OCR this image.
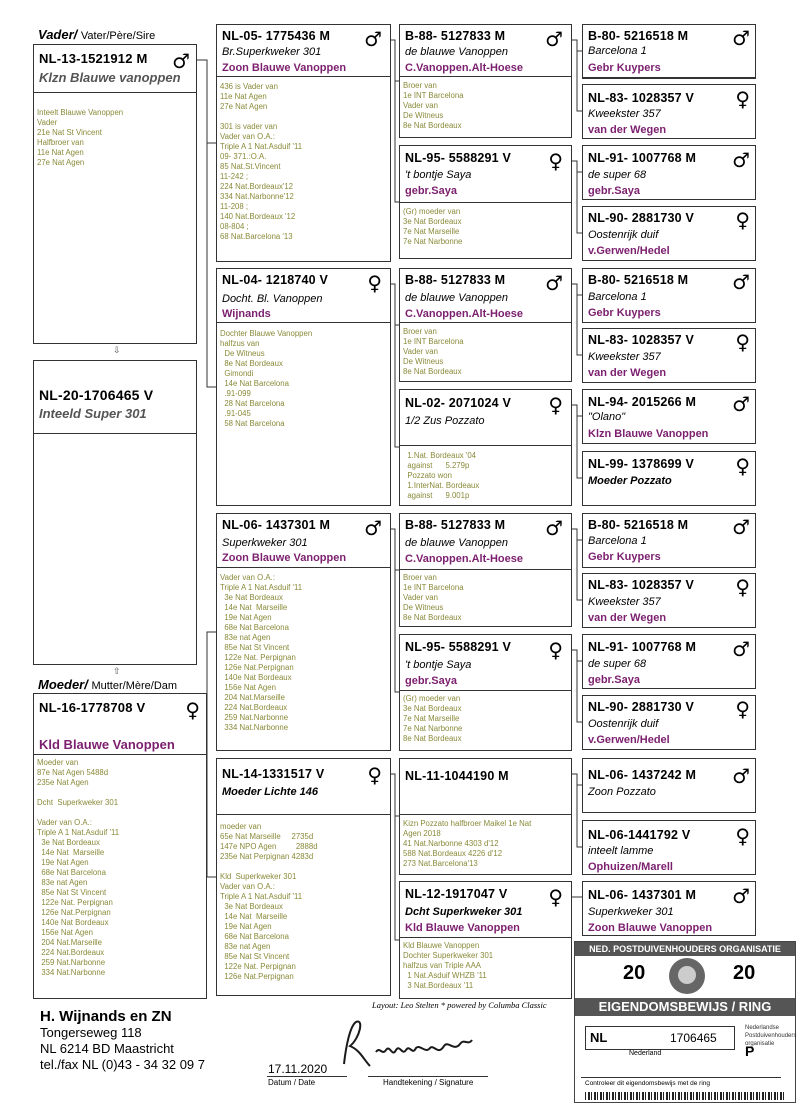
Vader/ Vater/Père/Sire
NL-13-1521912 M
Klzn Blauwe vanoppen
♂
Inteelt Blauwe Vanoppen
Vader
21e Nat St Vincent
Halfbroer van
11e Nat Agen
27e Nat Agen
⇩
NL-20-1706465 V
Inteeld Super 301
⇧
Moeder/ Mutter/Mère/Dam
NL-16-1778708 V ♀
Kld Blauwe Vanoppen
Moeder van
87e Nat Agen 5488d
235e Nat Agen

Dcht  Superkweker 301

Vader van O.A.:
Triple A 1 Nat.Asduif '11
3e Nat Bordeaux
14e Nat  Marseille
19e Nat Agen
68e Nat Barcelona
83e nat Agen
85e Nat St Vincent
122e Nat. Perpignan
126e Nat.Perpignan
140e Nat Bordeaux
156e Nat Agen
204 Nat.Marseille
224 Nat.Bordeaux
259 Nat.Narbonne
334 Nat.Narbonne
NL-05- 1775436 M ♂
Br.Superkweker 301
Zoon Blauwe Vanoppen
436 is Vader van
11e Nat Agen
27e Nat Agen

301 is vader van
Vader van O.A.:
Triple A 1 Nat.Asduif '11
09- 371.:O.A.
85 Nat.St.Vincent
11-242 ;
224 Nat.Bordeaux'12
334 Nat.Narbonne'12
11-208 ;
140 Nat.Bordeaux '12
08-804 ;
68 Nat.Barcelona '13
NL-04- 1218740 V ♀
Docht. Bl. Vanoppen
Wijnands
Dochter Blauwe Vanoppen
halfzus van
De Witneus
8e Nat Bordeaux
Gimondi
14e Nat Barcelona
.91-099
28 Nat Barcelona
.91-045
58 Nat Barcelona
NL-06- 1437301 M ♂
Superkweker 301
Zoon Blauwe Vanoppen
Vader van O.A.:
Triple A 1 Nat.Asduif '11
3e Nat Bordeaux
14e Nat  Marseille
19e Nat Agen
68e Nat Barcelona
83e nat Agen
85e Nat St Vincent
122e Nat. Perpignan
126e Nat.Perpignan
140e Nat Bordeaux
156e Nat Agen
204 Nat.Marseille
224 Nat.Bordeaux
259 Nat.Narbonne
334 Nat.Narbonne
NL-14-1331517 V ♀
Moeder Lichte 146
moeder van
65e Nat Marseille     2735d
147e NPO Agen         2888d
235e Nat Perpignan 4283d

Kld  Superkweker 301
Vader van O.A.:
Triple A 1 Nat.Asduif '11
3e Nat Bordeaux
14e Nat  Marseille
19e Nat Agen
68e Nat Barcelona
83e nat Agen
85e Nat St Vincent
122e Nat. Perpignan
126e Nat.Perpignan
B-88- 5127833 M ♂
de blauwe Vanoppen
C.Vanoppen.Alt-Hoese
Broer van
1e INT Barcelona
Vader van
De Witneus
8e Nat Bordeaux
NL-95- 5588291 V ♀
't bontje Saya
gebr.Saya
(Gr) moeder van
3e Nat Bordeaux
7e Nat Marseille
7e Nat Narbonne
B-88- 5127833 M ♂
de blauwe Vanoppen
C.Vanoppen.Alt-Hoese
Broer van
1e INT Barcelona
Vader van
De Witneus
8e Nat Bordeaux
NL-02- 2071024 V ♀
1/2 Zus Pozzato
1.Nat. Bordeaux '04
against      5.279p
Pozzato won
1.InterNat. Bordeaux
against      9.001p
B-88- 5127833 M ♂
de blauwe Vanoppen
C.Vanoppen.Alt-Hoese
Broer van
1e INT Barcelona
Vader van
De Witneus
8e Nat Bordeaux
NL-95- 5588291 V ♀
't bontje Saya
gebr.Saya
(Gr) moeder van
3e Nat Bordeaux
7e Nat Marseille
7e Nat Narbonne
8e Nat Bordeaux
NL-11-1044190 M
Kizn Pozzato halfbroer Maikel 1e Nat
Agen 2018
41 Nat.Narbonne 4303 d'12
588 Nat.Bordeaux 4226 d'12
273 Nat.Barcelona'13
NL-12-1917047 V ♀
Dcht Superkweker 301
Kld Blauwe Vanoppen
Kld Blauwe Vanoppen
Dochter Superkweker 301
halfzus van Triple AAA
1 Nat.Asduif WHZB '11
3 Nat.Bordeaux '11
B-80- 5216518 M ♂
Barcelona 1
Gebr Kuypers
NL-83- 1028357 V ♀
Kweekster 357
van der Wegen
NL-91- 1007768 M ♂
de super 68
gebr.Saya
NL-90- 2881730 V ♀
Oostenrijk duif
v.Gerwen/Hedel
B-80- 5216518 M ♂
Barcelona 1
Gebr Kuypers
NL-83- 1028357 V ♀
Kweekster 357
van der Wegen
NL-94- 2015266 M ♂
"Olano"
Klzn Blauwe Vanoppen
NL-99- 1378699 V ♀
Moeder Pozzato
B-80- 5216518 M ♂
Barcelona 1
Gebr Kuypers
NL-83- 1028357 V ♀
Kweekster 357
van der Wegen
NL-91- 1007768 M ♂
de super 68
gebr.Saya
NL-90- 2881730 V ♀
Oostenrijk duif
v.Gerwen/Hedel
NL-06- 1437242 M ♂
Zoon Pozzato
NL-06-1441792 V ♀
inteelt lamme
Ophuizen/Marell
NL-06- 1437301 M ♂
Superkweker 301
Zoon Blauwe Vanoppen
H. Wijnands en ZN
Tongerseweg 118
NL 6214 BD Maastricht
tel./fax NL (0)43 - 34 32 09 7
Layout: Leo Stelten * powered by Columba Classic
17.11.2020
Datum / Date	Handtekening / Signature
NED. POSTDUIVENHOUDERS ORGANISATIE
20	20
EIGENDOMSBEWIJS / RING
NL	1706465
Nederland
Nederlandse Postduivenhouders organisatie
P
Controleer dit eigendomsbewijs met de ring
